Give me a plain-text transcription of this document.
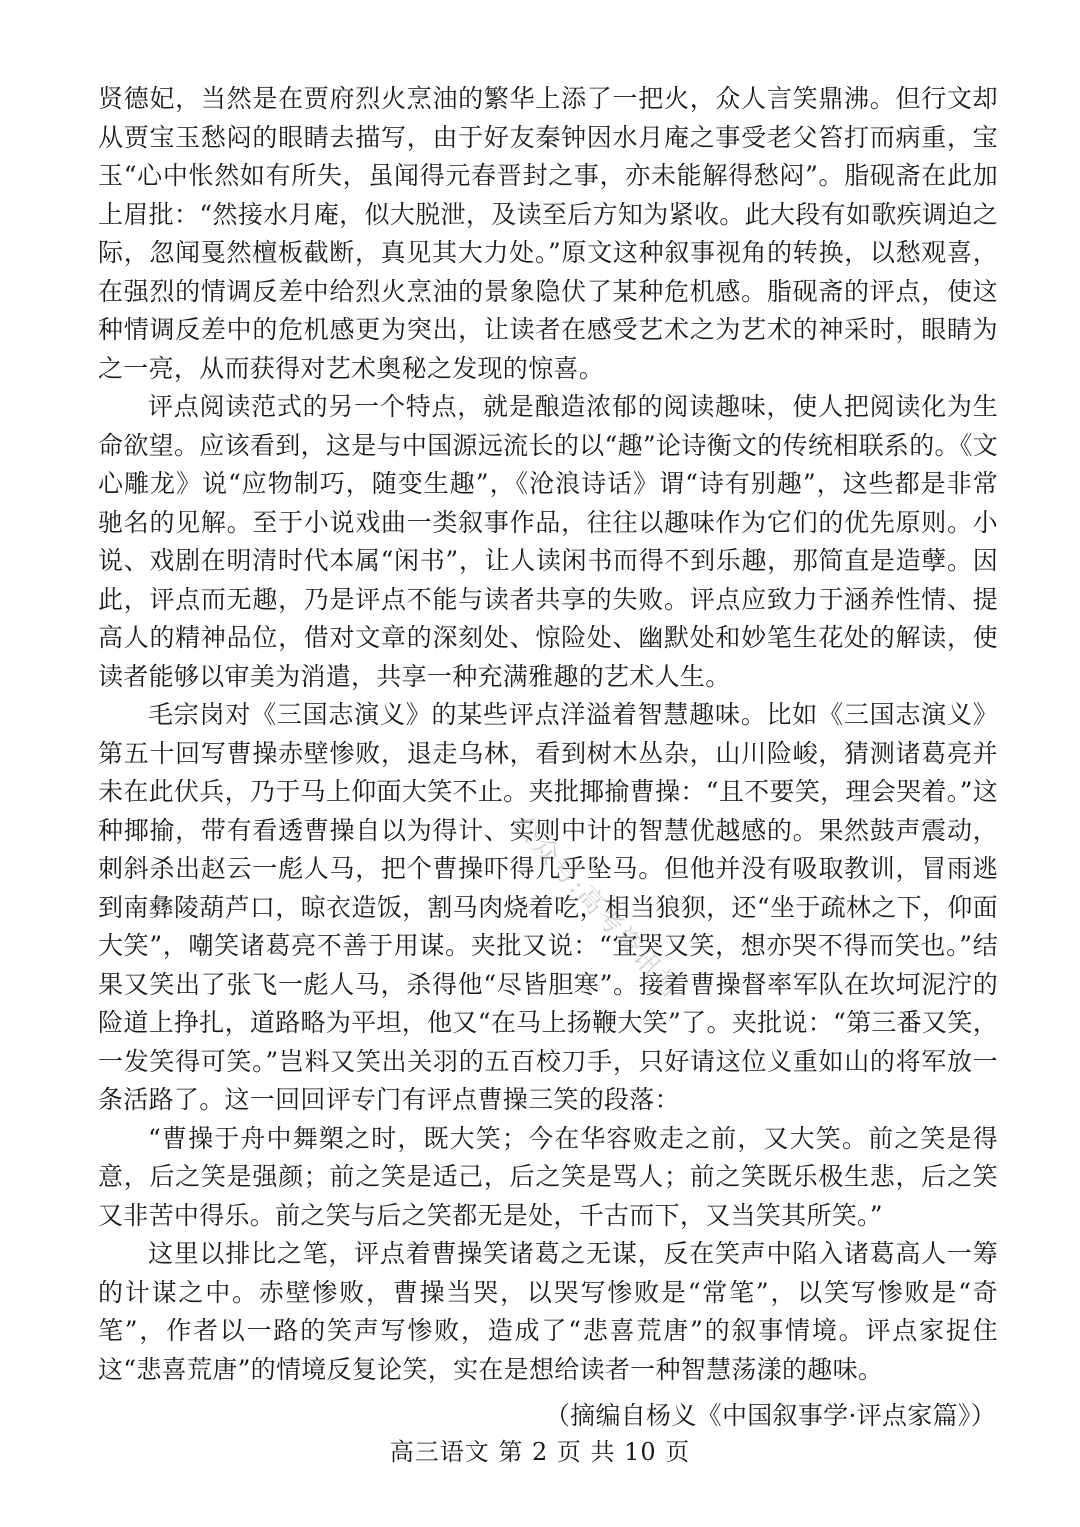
贤德妃，当然是在贾府烈火烹油的繁华上添了一把火，众人言笑鼎沸。但行文却从贾宝玉愁闷的眼睛去描写，由于好友秦钟因水月庵之事受老父笞打而病重，宝玉“心中怅然如有所失，虽闻得元春晋封之事，亦未能解得愁闷”。脂砚斋在此加上眉批：“然接水月庵，似大脱泄，及读至后方知为紧收。此大段有如歌疾调迫之际，忽闻戛然檀板截断，真见其大力处。”原文这种叙事视角的转换，以愁观喜，在强烈的情调反差中给烈火烹油的景象隐伏了某种危机感。脂砚斋的评点，使这种情调反差中的危机感更为突出，让读者在感受艺术之为艺术的神采时，眼睛为之一亮，从而获得对艺术奥秘之发现的惊喜。

评点阅读范式的另一个特点，就是酿造浓郁的阅读趣味，使人把阅读化为生命欲望。应该看到，这是与中国源远流长的以“趣”论诗衡文的传统相联系的。《文心雕龙》说“应物制巧，随变生趣”，《沧浪诗话》谓“诗有别趣”，这些都是非常驰名的见解。至于小说戏曲一类叙事作品，往往以趣味作为它们的优先原则。小说、戏剧在明清时代本属“闲书”，让人读闲书而得不到乐趣，那简直是造孽。因此，评点而无趣，乃是评点不能与读者共享的失败。评点应致力于涵养性情、提高人的精神品位，借对文章的深刻处、惊险处、幽默处和妙笔生花处的解读，使读者能够以审美为消遣，共享一种充满雅趣的艺术人生。

毛宗岗对《三国志演义》的某些评点洋溢着智慧趣味。比如《三国志演义》第五十回写曹操赤壁惨败，退走乌林，看到树木丛杂，山川险峻，猜测诸葛亮并未在此伏兵，乃于马上仰面大笑不止。夹批揶揄曹操：“且不要笑，理会哭着。”这种揶揄，带有看透曹操自以为得计、实则中计的智慧优越感的。果然鼓声震动，刺斜杀出赵云一彪人马，把个曹操吓得几乎坠马。但他并没有吸取教训，冒雨逃到南彝陵葫芦口，晾衣造饭，割马肉烧着吃，相当狼狈，还“坐于疏林之下，仰面大笑”，嘲笑诸葛亮不善于用谋。夹批又说：“宜哭又笑，想亦哭不得而笑也。”结果又笑出了张飞一彪人马，杀得他“尽皆胆寒”。接着曹操督率军队在坎坷泥泞的险道上挣扎，道路略为平坦，他又“在马上扬鞭大笑”了。夹批说：“第三番又笑，一发笑得可笑。”岂料又笑出关羽的五百校刀手，只好请这位义重如山的将军放一条活路了。这一回回评专门有评点曹操三笑的段落：

“曹操于舟中舞槊之时，既大笑；今在华容败走之前，又大笑。前之笑是得意，后之笑是强颜；前之笑是适己，后之笑是骂人；前之笑既乐极生悲，后之笑又非苦中得乐。前之笑与后之笑都无是处，千古而下，又当笑其所笑。”

这里以排比之笔，评点着曹操笑诸葛之无谋，反在笑声中陷入诸葛高人一筹的计谋之中。赤壁惨败，曹操当哭，以哭写惨败是“常笔”，以笑写惨败是“奇笔”，作者以一路的笑声写惨败，造成了“悲喜荒唐”的叙事情境。评点家捉住这“悲喜荒唐”的情境反复论笑，实在是想给读者一种智慧荡漾的趣味。

（摘编自杨义《中国叙事学·评点家篇》）

公众号:高考资讯站
高三语文 第 2 页 共 10 页
